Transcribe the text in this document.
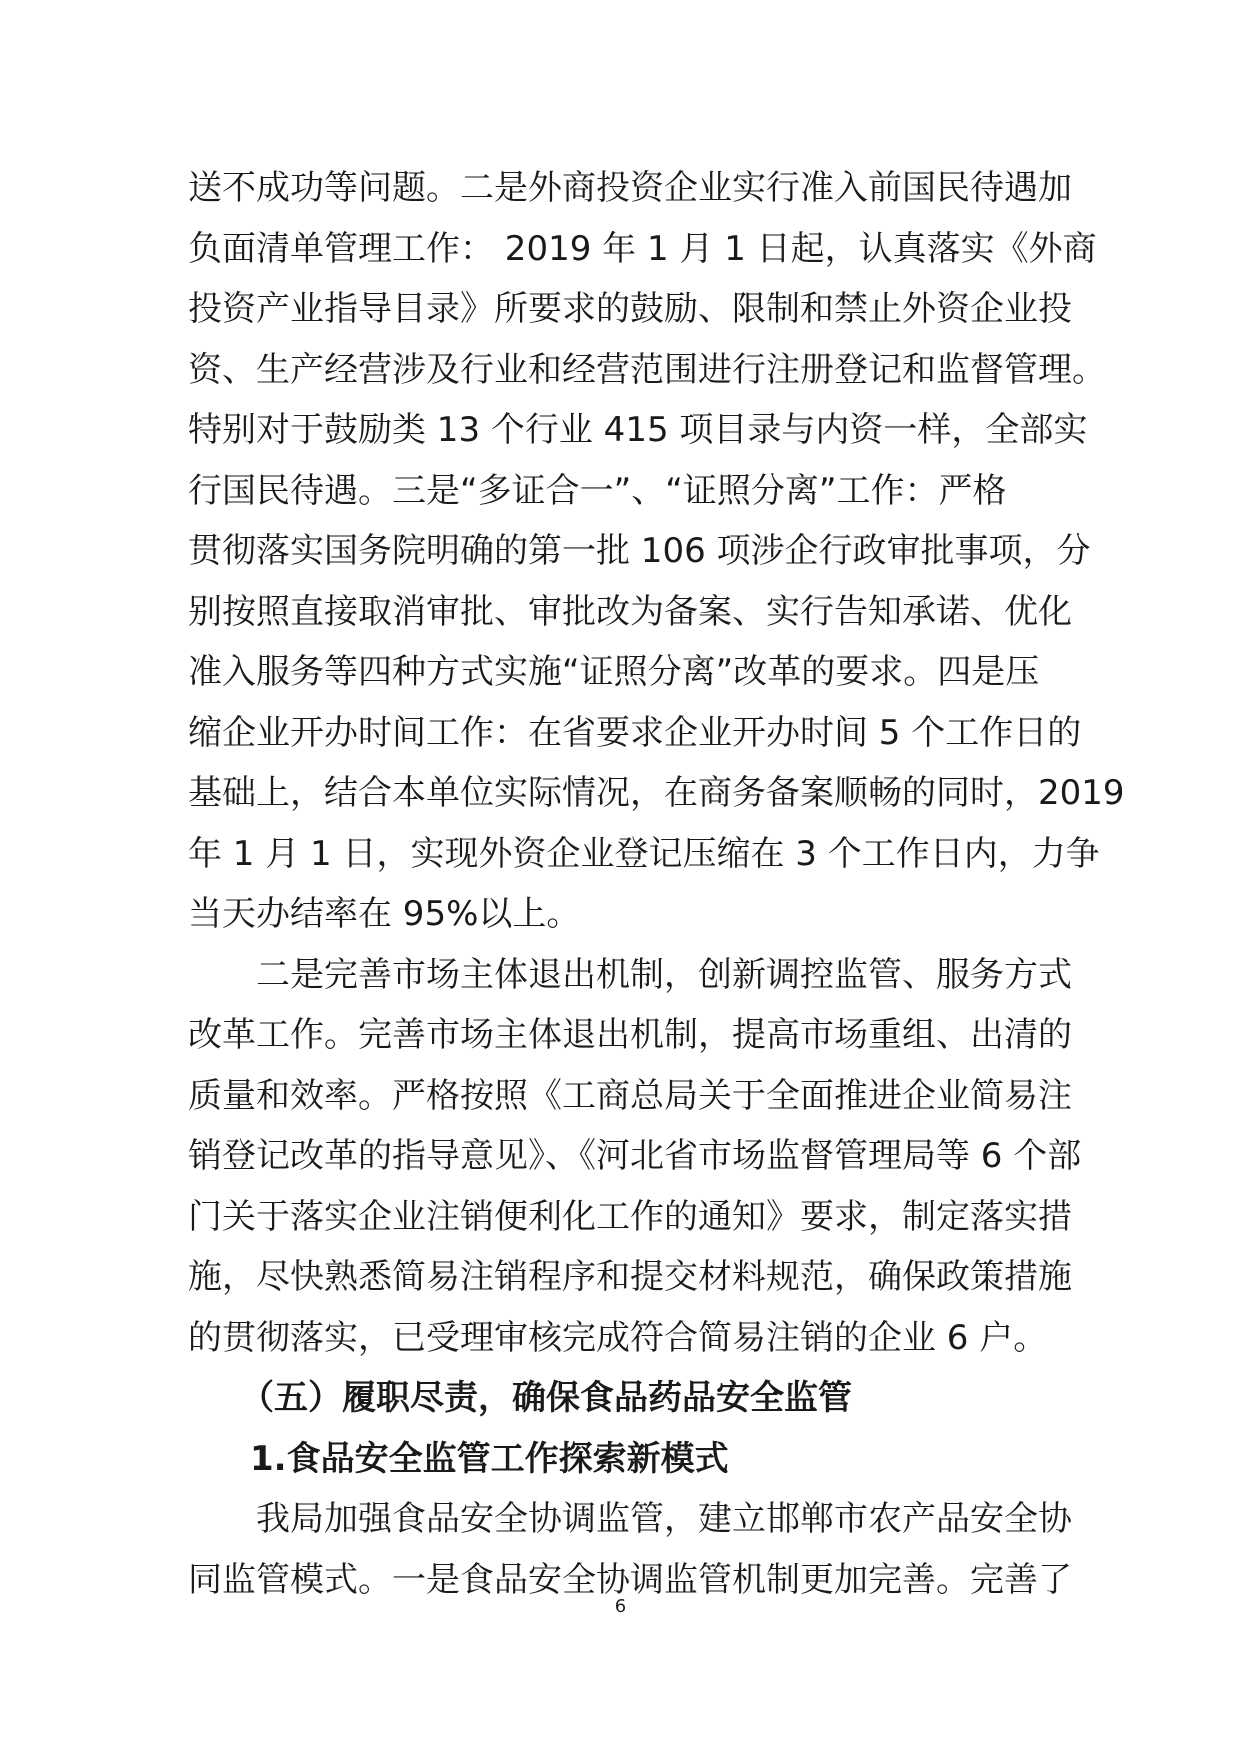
送不成功等问题。二是外商投资企业实行准入前国民待遇加
负面清单管理工作： 2019 年 1 月 1 日起，认真落实《外商
投资产业指导目录》所要求的鼓励、限制和禁止外资企业投
资、生产经营涉及行业和经营范围进行注册登记和监督管理。
特别对于鼓励类 13 个行业 415 项目录与内资一样，全部实
行国民待遇。三是“多证合一”、“证照分离”工作：严格
贯彻落实国务院明确的第一批 106 项涉企行政审批事项，分
别按照直接取消审批、审批改为备案、实行告知承诺、优化
准入服务等四种方式实施“证照分离”改革的要求。四是压
缩企业开办时间工作：在省要求企业开办时间 5 个工作日的
基础上，结合本单位实际情况，在商务备案顺畅的同时，2019
年 1 月 1 日，实现外资企业登记压缩在 3 个工作日内，力争
当天办结率在 95%以上。
二是完善市场主体退出机制，创新调控监管、服务方式
改革工作。完善市场主体退出机制，提高市场重组、出清的
质量和效率。严格按照《工商总局关于全面推进企业简易注
销登记改革的指导意见》、《河北省市场监督管理局等 6 个部
门关于落实企业注销便利化工作的通知》要求，制定落实措
施，尽快熟悉简易注销程序和提交材料规范，确保政策措施
的贯彻落实，已受理审核完成符合简易注销的企业 6 户。
（五）履职尽责，确保食品药品安全监管
1.食品安全监管工作探索新模式
我局加强食品安全协调监管，建立邯郸市农产品安全协
同监管模式。一是食品安全协调监管机制更加完善。完善了
6
